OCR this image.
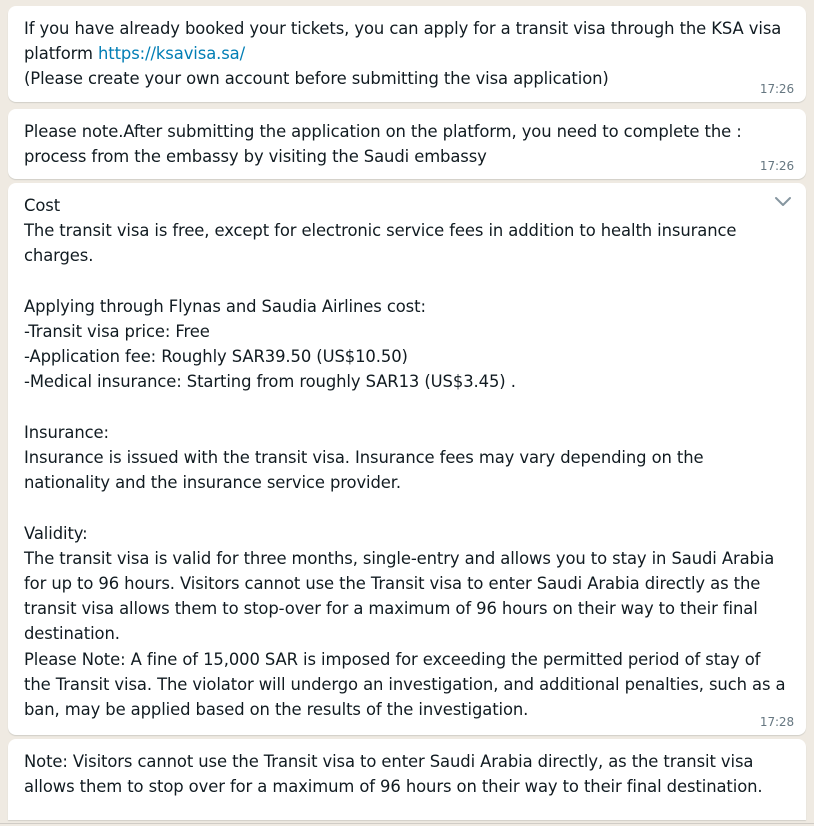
If you have already booked your tickets, you can apply for a transit visa through the KSA visa platform https://ksavisa.sa/
(Please create your own account before submitting the visa application)
17:26
Please note.After submitting the application on the platform, you need to complete the :
process from the embassy by visiting the Saudi embassy	17:26
Cost
The transit visa is free, except for electronic service fees in addition to health insurance
charges.

Applying through Flynas and Saudia Airlines cost:
-Transit visa price: Free
-Application fee: Roughly SAR39.50 (US$10.50)
-Medical insurance: Starting from roughly SAR13 (US$3.45) .

Insurance:
Insurance is issued with the transit visa. Insurance fees may vary depending on the
nationality and the insurance service provider.

Validity:
The transit visa is valid for three months, single-entry and allows you to stay in Saudi Arabia
for up to 96 hours. Visitors cannot use the Transit visa to enter Saudi Arabia directly as the
transit visa allows them to stop-over for a maximum of 96 hours on their way to their final
destination.
Please Note: A fine of 15,000 SAR is imposed for exceeding the permitted period of stay of
the Transit visa. The violator will undergo an investigation, and additional penalties, such as a
ban, may be applied based on the results of the investigation.
17:28
Note: Visitors cannot use the Transit visa to enter Saudi Arabia directly, as the transit visa
allows them to stop over for a maximum of 96 hours on their way to their final destination.
